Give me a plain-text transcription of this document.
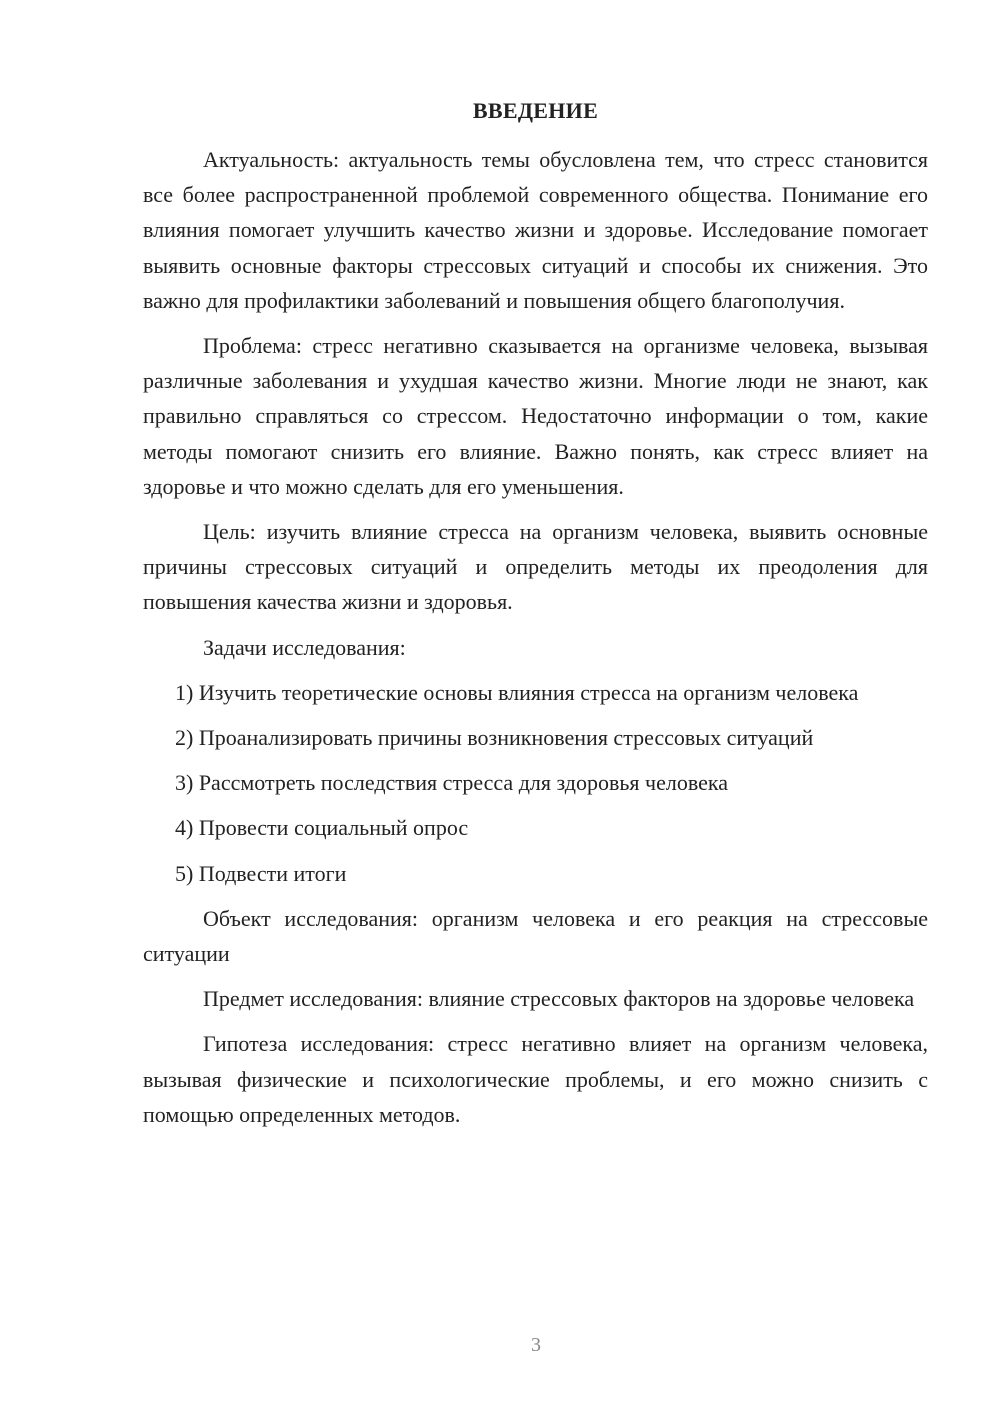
ВВЕДЕНИЕ

Актуальность: актуальность темы обусловлена тем, что стресс становится все более распространенной проблемой современного общества. Понимание его влияния помогает улучшить качество жизни и здоровье. Исследование помогает выявить основные факторы стрессовых ситуаций и способы их снижения. Это важно для профилактики заболеваний и повышения общего благополучия.

Проблема: стресс негативно сказывается на организме человека, вызывая различные заболевания и ухудшая качество жизни. Многие люди не знают, как правильно справляться со стрессом. Недостаточно информации о том, какие методы помогают снизить его влияние. Важно понять, как стресс влияет на здоровье и что можно сделать для его уменьшения.

Цель: изучить влияние стресса на организм человека, выявить основные причины стрессовых ситуаций и определить методы их преодоления для повышения качества жизни и здоровья.

Задачи исследования:

1) Изучить теоретические основы влияния стресса на организм человека

2) Проанализировать причины возникновения стрессовых ситуаций

3) Рассмотреть последствия стресса для здоровья человека

4) Провести социальный опрос

5) Подвести итоги

Объект исследования: организм человека и его реакция на стрессовые ситуации

Предмет исследования: влияние стрессовых факторов на здоровье человека

Гипотеза исследования: стресс негативно влияет на организм человека, вызывая физические и психологические проблемы, и его можно снизить с помощью определенных методов.

3
